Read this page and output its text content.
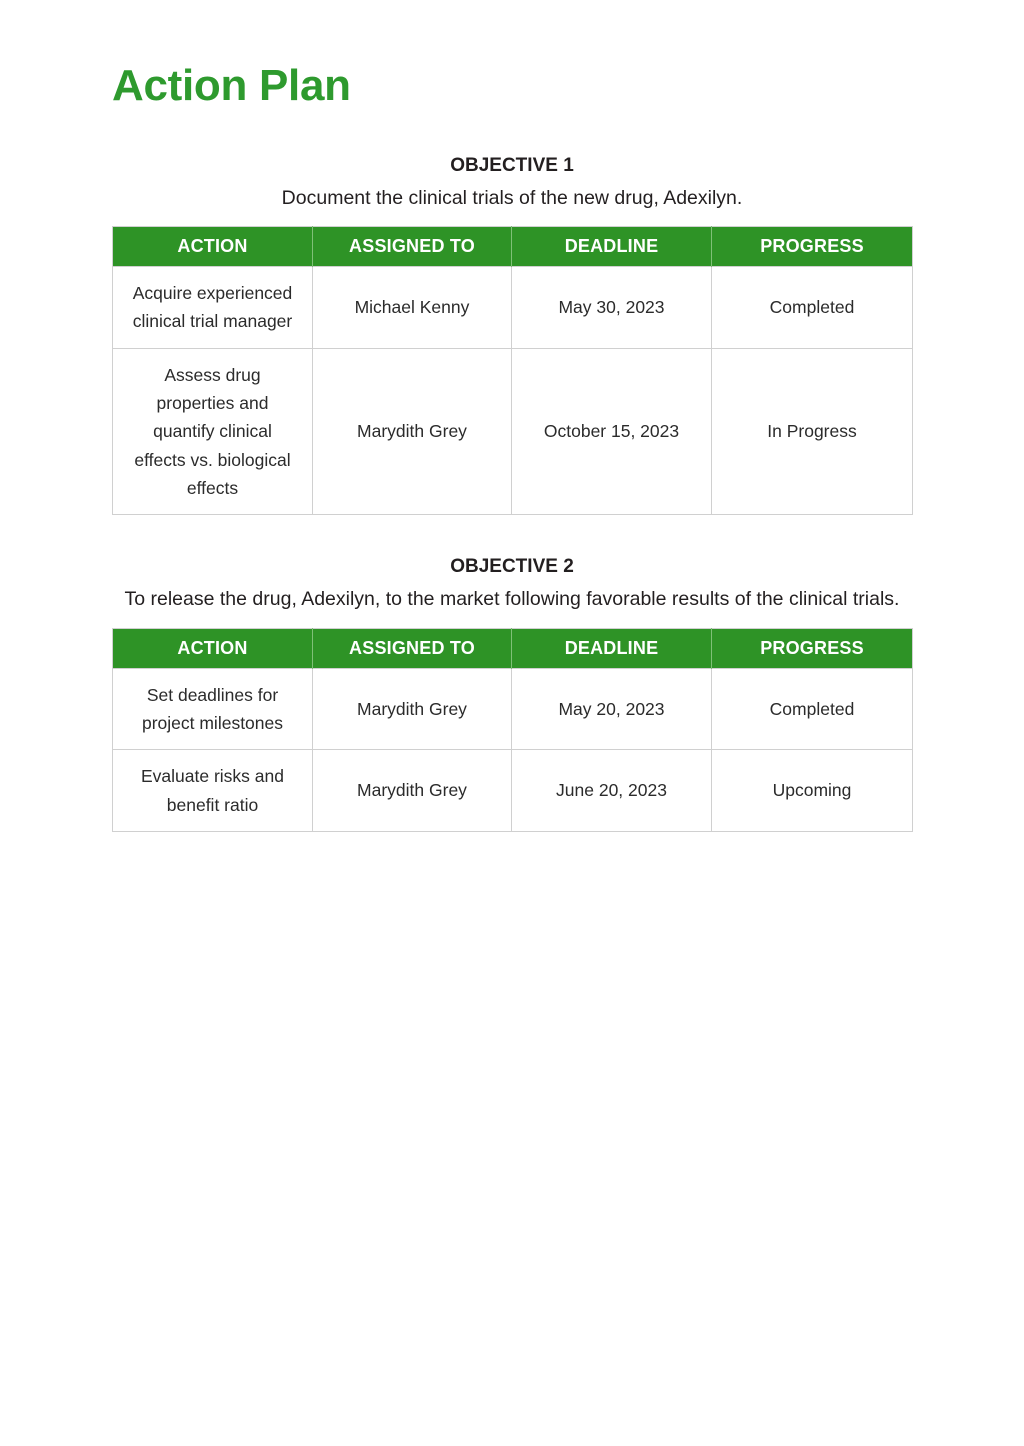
Action Plan
OBJECTIVE 1

Document the clinical trials of the new drug, Adexilyn.

ACTION	ASSIGNED TO	DEADLINE	PROGRESS
Acquire experienced clinical trial manager	Michael Kenny	May 30, 2023	Completed
Assess drug properties and quantify clinical effects vs. biological effects	Marydith Grey	October 15, 2023	In Progress
OBJECTIVE 2

To release the drug, Adexilyn, to the market following favorable results of the clinical trials.

ACTION	ASSIGNED TO	DEADLINE	PROGRESS
Set deadlines for project milestones	Marydith Grey	May 20, 2023	Completed
Evaluate risks and benefit ratio	Marydith Grey	June 20, 2023	Upcoming
